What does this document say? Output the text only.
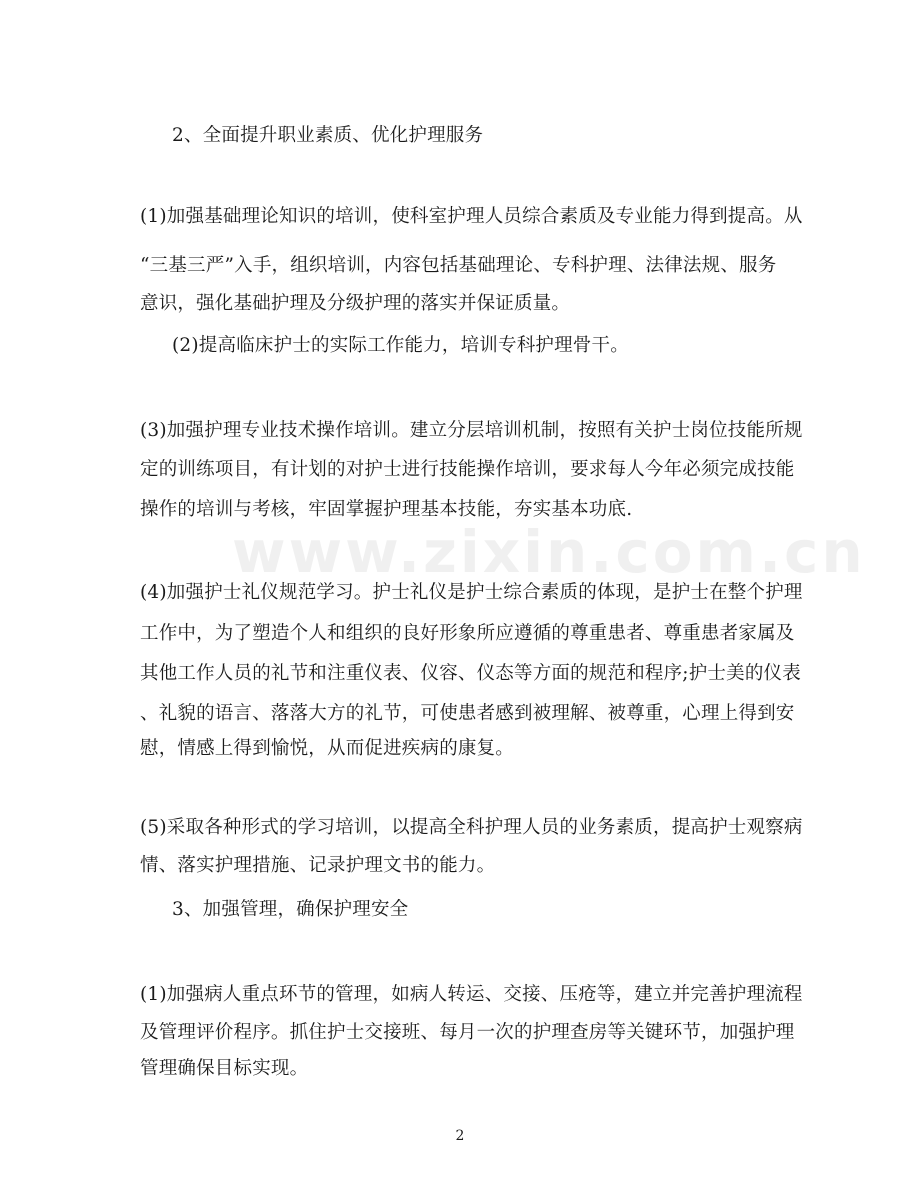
www.zixin.com.cn
2、全面提升职业素质、优化护理服务
(1)加强基础理论知识的培训，使科室护理人员综合素质及专业能力得到提高。从
“三基三严”入手，组织培训，内容包括基础理论、专科护理、法律法规、服务
意识，强化基础护理及分级护理的落实并保证质量。
(2)提高临床护士的实际工作能力，培训专科护理骨干。
(3)加强护理专业技术操作培训。建立分层培训机制，按照有关护士岗位技能所规
定的训练项目，有计划的对护士进行技能操作培训，要求每人今年必须完成技能
操作的培训与考核，牢固掌握护理基本技能，夯实基本功底.
(4)加强护士礼仪规范学习。护士礼仪是护士综合素质的体现，是护士在整个护理
工作中，为了塑造个人和组织的良好形象所应遵循的尊重患者、尊重患者家属及
其他工作人员的礼节和注重仪表、仪容、仪态等方面的规范和程序;护士美的仪表
、礼貌的语言、落落大方的礼节，可使患者感到被理解、被尊重，心理上得到安
慰，情感上得到愉悦，从而促进疾病的康复。
(5)采取各种形式的学习培训，以提高全科护理人员的业务素质，提高护士观察病
情、落实护理措施、记录护理文书的能力。
3、加强管理，确保护理安全
(1)加强病人重点环节的管理，如病人转运、交接、压疮等，建立并完善护理流程
及管理评价程序。抓住护士交接班、每月一次的护理查房等关键环节，加强护理
管理确保目标实现。
2
